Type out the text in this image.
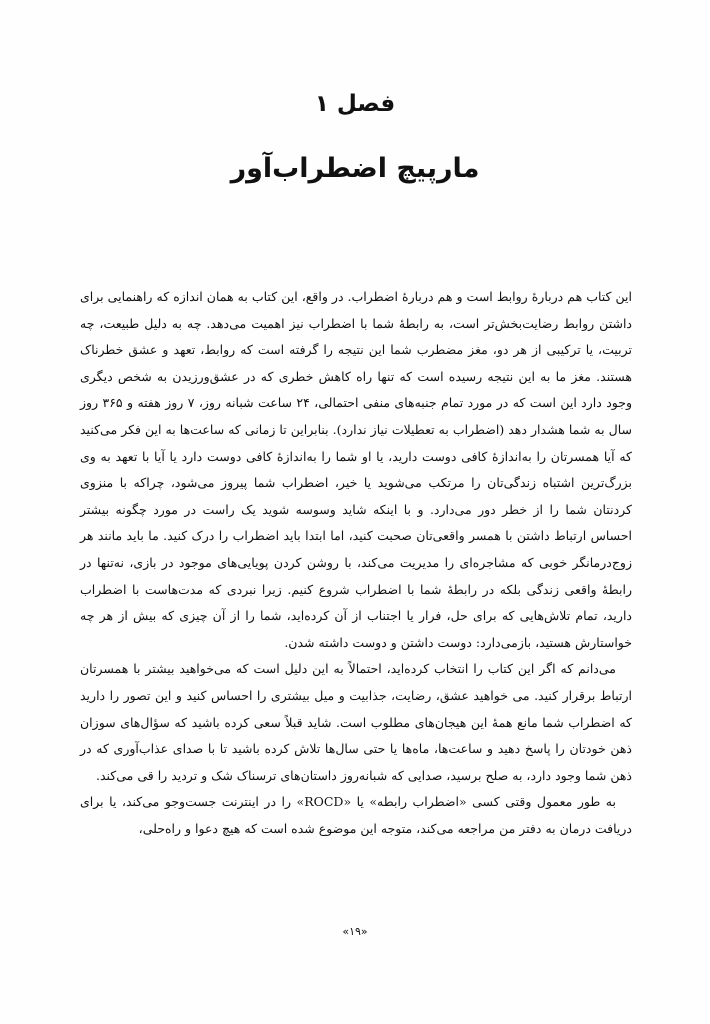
فصل ۱
مارپیچ اضطراب‌آور

این کتاب هم دربارهٔ روابط است و هم دربارهٔ اضطراب. در واقع، این کتاب به همان اندازه که راهنمایی برای داشتن روابط رضایت‌بخش‌تر است، به رابطهٔ شما با اضطراب نیز اهمیت می‌دهد. چه به دلیل طبیعت، چه تربیت، یا ترکیبی از هر دو، مغز مضطرب شما این نتیجه را گرفته است که روابط، تعهد و عشق خطرناک هستند. مغز ما به این نتیجه رسیده است که تنها راه کاهش خطری که در عشق‌ورزیدن به شخص دیگری وجود دارد این است که در مورد تمام جنبه‌های منفی احتمالی، ۲۴ ساعت شبانه روز، ۷ روز هفته و ۳۶۵ روز سال به شما هشدار دهد (اضطراب به تعطیلات نیاز ندارد). بنابراین تا زمانی که ساعت‌ها به این فکر می‌کنید که آیا همسرتان را به‌اندازهٔ کافی دوست دارید، یا او شما را به‌اندازهٔ کافی دوست دارد یا آیا با تعهد به وی بزرگ‌ترین اشتباه زندگی‌تان را مرتکب می‌شوید یا خیر، اضطراب شما پیروز می‌شود، چراکه با منزوی کردنتان شما را از خطر دور می‌دارد. و با اینکه شاید وسوسه شوید یک راست در مورد چگونه بیشتر احساس ارتباط داشتن با همسر واقعی‌تان صحبت کنید، اما ابتدا باید اضطراب را درک کنید. ما باید مانند هر زوج‌درمانگر خوبی که مشاجره‌ای را مدیریت می‌کند، با روشن کردن پویایی‌های موجود در بازی، نه‌تنها در رابطهٔ واقعی زندگی بلکه در رابطهٔ شما با اضطراب شروع کنیم. زیرا نبردی که مدت‌هاست با اضطراب دارید، تمام تلاش‌هایی که برای حل، فرار یا اجتناب از آن کرده‌اید، شما را از آن چیزی که بیش از هر چه خواستارش هستید، بازمی‌دارد: دوست داشتن و دوست داشته شدن.

می‌دانم که اگر این کتاب را انتخاب کرده‌اید، احتمالاً به این دلیل است که می‌خواهید بیشتر با همسرتان ارتباط برقرار کنید. می خواهید عشق، رضایت، جذابیت و میل بیشتری را احساس کنید و این تصور را دارید که اضطراب شما مانع همهٔ این هیجان‌های مطلوب است. شاید قبلاً سعی کرده باشید که سؤال‌های سوزان ذهن خودتان را پاسخ دهید و ساعت‌ها، ماه‌ها یا حتی سال‌ها تلاش کرده باشید تا با صدای عذاب‌آوری که در ذهن شما وجود دارد، به صلح برسید، صدایی که شبانه‌روز داستان‌های ترسناک شک و تردید را قی می‌کند.

به طور معمول وقتی کسی «اضطراب رابطه» یا «ROCD» را در اینترنت جست‌وجو می‌کند، یا برای دریافت درمان به دفتر من مراجعه می‌کند، متوجه این موضوع شده است که هیچ دعوا و راه‌حلی،

«۱۹»
